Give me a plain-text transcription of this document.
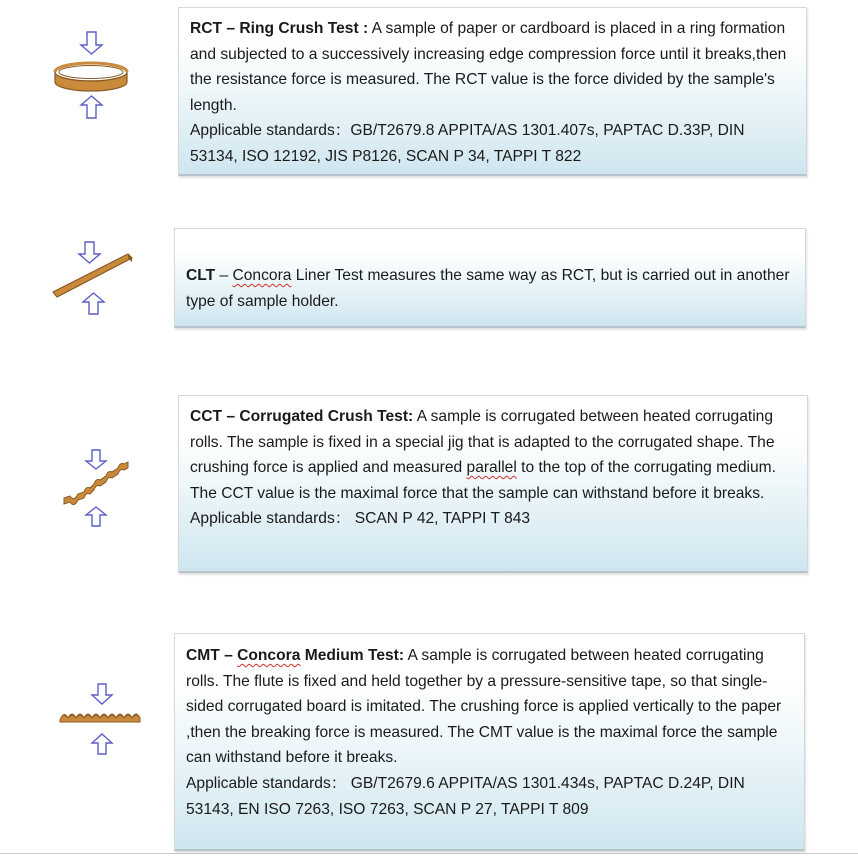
RCT – Ring Crush Test : A sample of paper or cardboard is placed in a ring formation and subjected to a successively increasing edge compression force until it breaks,then the resistance force is measured. The RCT value is the force divided by the sample's length.

Applicable standards：GB/T2679.8 APPITA/AS 1301.407s, PAPTAC D.33P, DIN 53134, ISO 12192, JIS P8126, SCAN P 34, TAPPI T 822

CLT – Concora Liner Test measures the same way as RCT, but is carried out in another type of sample holder.

CCT – Corrugated Crush Test: A sample is corrugated between heated corrugating rolls. The sample is fixed in a special jig that is adapted to the corrugated shape. The crushing force is applied and measured parallel to the top of the corrugating medium. The CCT value is the maximal force that the sample can withstand before it breaks.

Applicable standards： SCAN P 42, TAPPI T 843

CMT – Concora Medium Test: A sample is corrugated between heated corrugating rolls. The flute is fixed and held together by a pressure-sensitive tape, so that single-sided corrugated board is imitated. The crushing force is applied vertically to the paper ,then the breaking force is measured. The CMT value is the maximal force the sample can withstand before it breaks.

Applicable standards： GB/T2679.6 APPITA/AS 1301.434s, PAPTAC D.24P, DIN 53143, EN ISO 7263, ISO 7263, SCAN P 27, TAPPI T 809
